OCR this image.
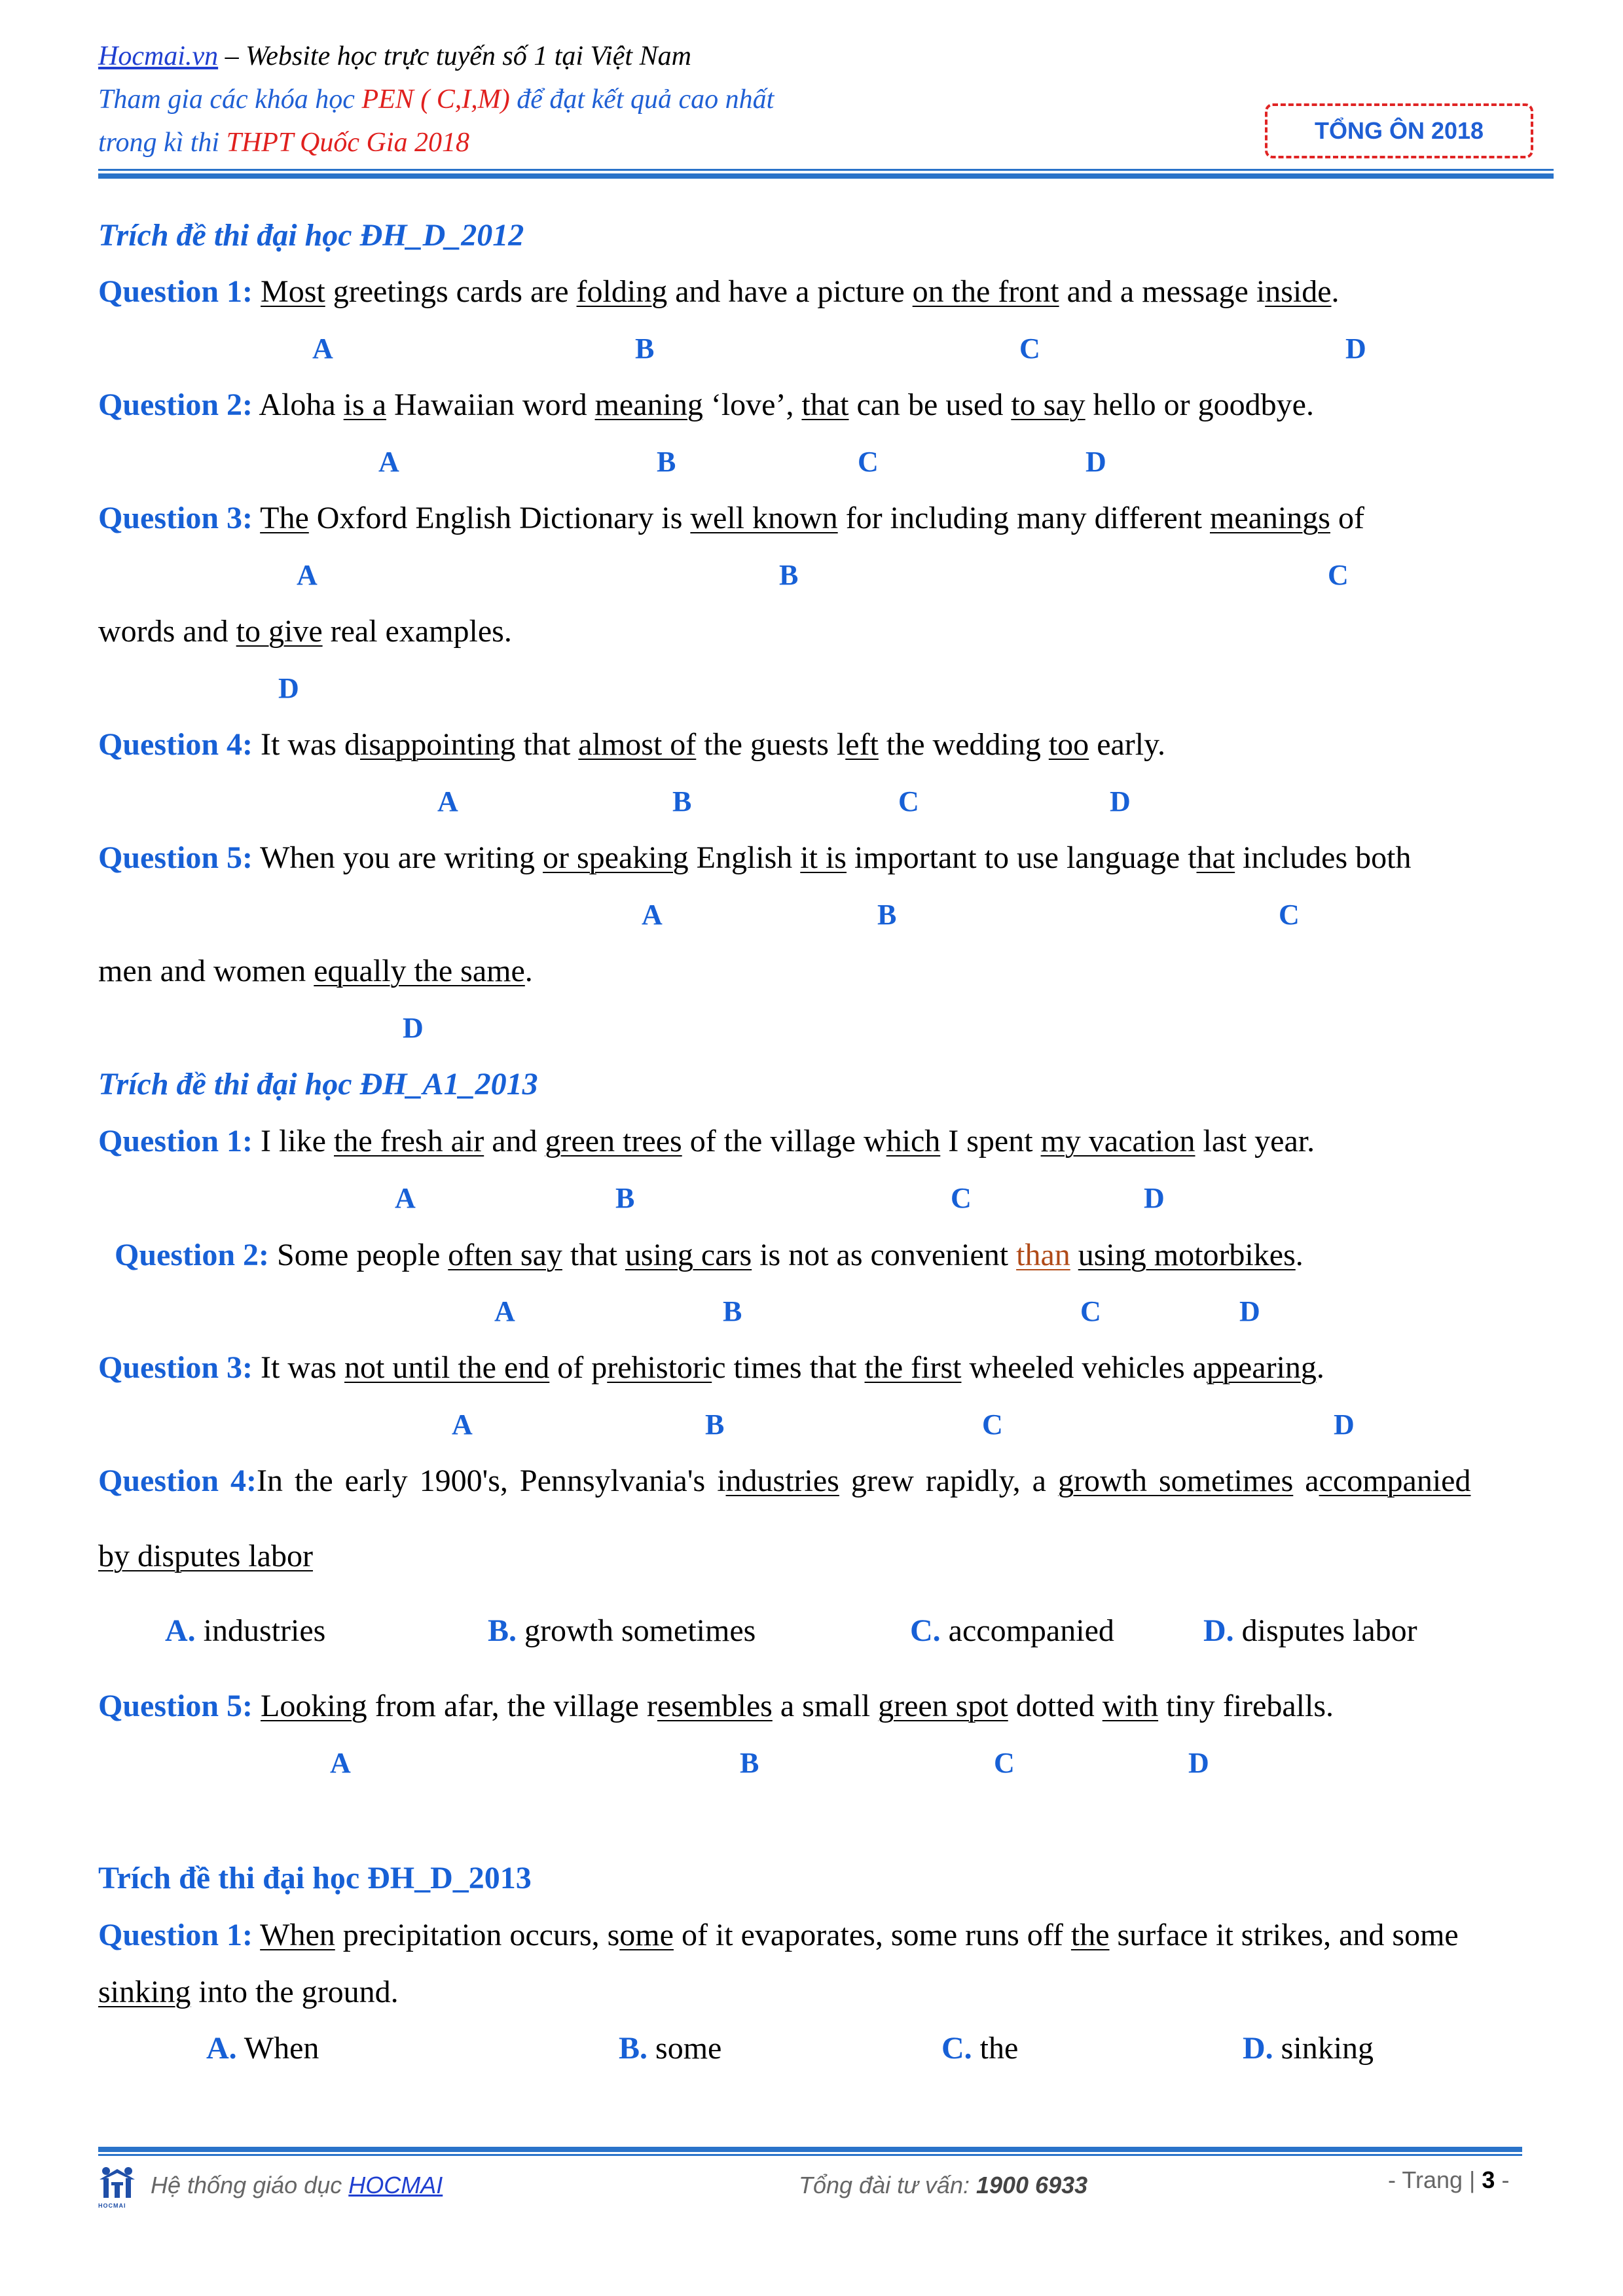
Hocmai.vn – Website học trực tuyến số 1 tại Việt Nam
Tham gia các khóa học PEN ( C,I,M) để đạt kết quả cao nhất
trong kì thi THPT Quốc Gia 2018	TỔNG ÔN 2018
Trích đề thi đại học ĐH_D_2012
Question 1: Most greetings cards are folding and have a picture on the front and a message inside.
A	B	C	D
Question 2: Aloha is a Hawaiian word meaning ‘love’, that can be used to say hello or goodbye.
A	B	C	D
Question 3: The Oxford English Dictionary is well known for including many different meanings of
A	B	C
words and to give real examples.
D
Question 4: It was disappointing that almost of the guests left the wedding too early.
A	B	C	D
Question 5: When you are writing or speaking English it is important to use language that includes both
A	B	C
men and women equally the same.
D
Trích đề thi đại học ĐH_A1_2013
Question 1: I like the fresh air and green trees of the village which I spent my vacation last year.
A	B	C	D
Question 2: Some people often say that using cars is not as convenient than using motorbikes.
A	B	C	D
Question 3: It was not until the end of prehistoric times that the first wheeled vehicles appearing.
A	B	C	D
Question 4:In the early 1900's, Pennsylvania's industries grew rapidly, a growth sometimes accompanied
by disputes labor
A. industries	B. growth sometimes	C. accompanied	D. disputes labor
Question 5: Looking from afar, the village resembles a small green spot dotted with tiny fireballs.
A	B	C	D
Trích đề thi đại học ĐH_D_2013
Question 1: When precipitation occurs, some of it evaporates, some runs off the surface it strikes, and some
sinking into the ground.
A. When	B. some	C. the	D. sinking
HOCMAI
Hệ thống giáo dục HOCMAI	Tổng đài tư vấn: 1900 6933	- Trang | 3 -
